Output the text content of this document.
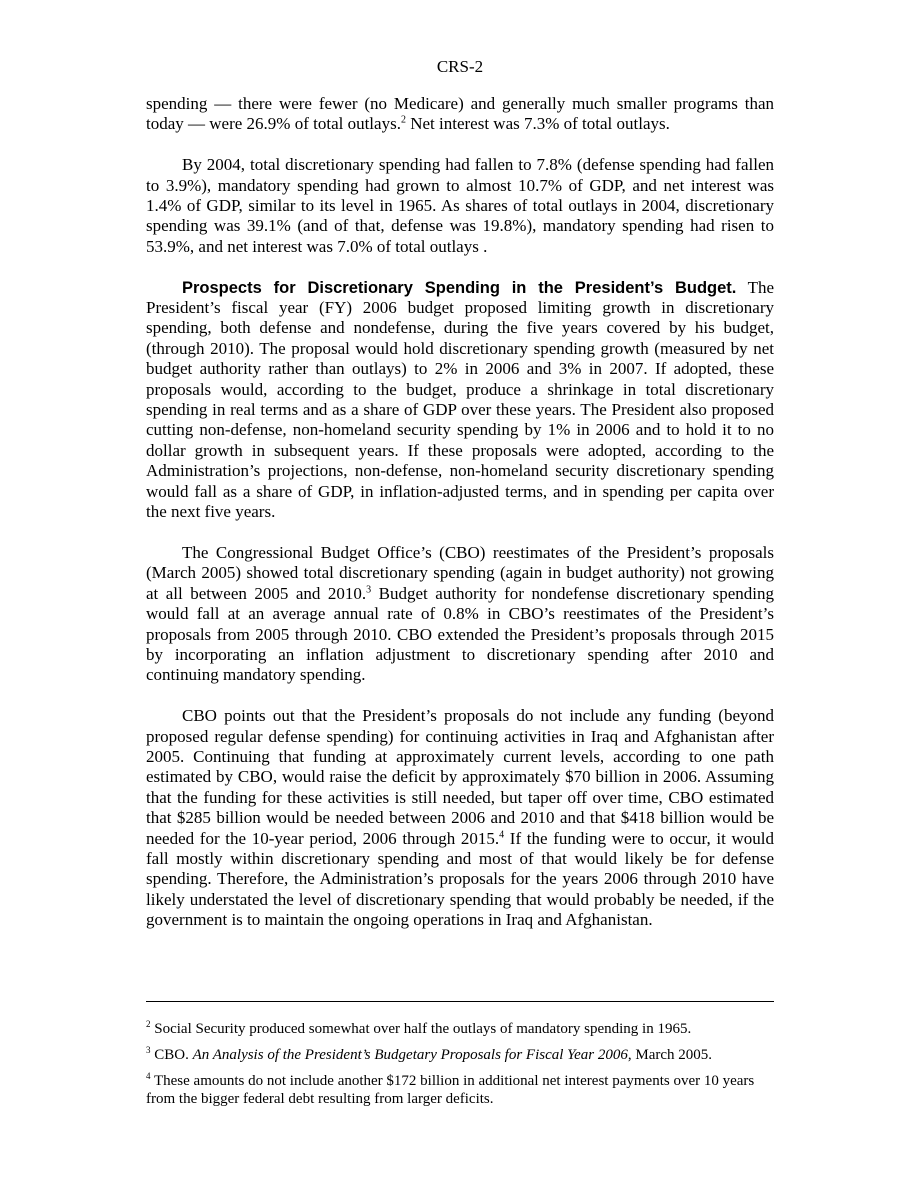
CRS-2

spending — there were fewer (no Medicare) and generally much smaller programs than today — were 26.9% of total outlays.$^2$ Net interest was 7.3% of total outlays.

By 2004, total discretionary spending had fallen to 7.8% (defense spending had fallen to 3.9%), mandatory spending had grown to almost 10.7% of GDP, and net interest was 1.4% of GDP, similar to its level in 1965. As shares of total outlays in 2004, discretionary spending was 39.1% (and of that, defense was 19.8%), mandatory spending had risen to 53.9%, and net interest was 7.0% of total outlays .

Prospects for Discretionary Spending in the President’s Budget. The President’s fiscal year (FY) 2006 budget proposed limiting growth in discretionary spending, both defense and nondefense, during the five years covered by his budget, (through 2010). The proposal would hold discretionary spending growth (measured by net budget authority rather than outlays) to 2% in 2006 and 3% in 2007. If adopted, these proposals would, according to the budget, produce a shrinkage in total discretionary spending in real terms and as a share of GDP over these years. The President also proposed cutting non-defense, non-homeland security spending by 1% in 2006 and to hold it to no dollar growth in subsequent years. If these proposals were adopted, according to the Administration’s projections, non-defense, non-homeland security discretionary spending would fall as a share of GDP, in inflation-adjusted terms, and in spending per capita over the next five years.

The Congressional Budget Office’s (CBO) reestimates of the President’s proposals (March 2005) showed total discretionary spending (again in budget authority) not growing at all between 2005 and 2010.$^3$ Budget authority for nondefense discretionary spending would fall at an average annual rate of 0.8% in CBO’s reestimates of the President’s proposals from 2005 through 2010. CBO extended the President’s proposals through 2015 by incorporating an inflation adjustment to discretionary spending after 2010 and continuing mandatory spending.

CBO points out that the President’s proposals do not include any funding (beyond proposed regular defense spending) for continuing activities in Iraq and Afghanistan after 2005. Continuing that funding at approximately current levels, according to one path estimated by CBO, would raise the deficit by approximately $70 billion in 2006. Assuming that the funding for these activities is still needed, but taper off over time, CBO estimated that $285 billion would be needed between 2006 and 2010 and that $418 billion would be needed for the 10-year period, 2006 through 2015.$^4$ If the funding were to occur, it would fall mostly within discretionary spending and most of that would likely be for defense spending. Therefore, the Administration’s proposals for the years 2006 through 2010 have likely understated the level of discretionary spending that would probably be needed, if the government is to maintain the ongoing operations in Iraq and Afghanistan.

$^2$ Social Security produced somewhat over half the outlays of mandatory spending in 1965.

$^3$ CBO. An Analysis of the President’s Budgetary Proposals for Fiscal Year 2006, March 2005.

$^4$ These amounts do not include another $172 billion in additional net interest payments over 10 years from the bigger federal debt resulting from larger deficits.
